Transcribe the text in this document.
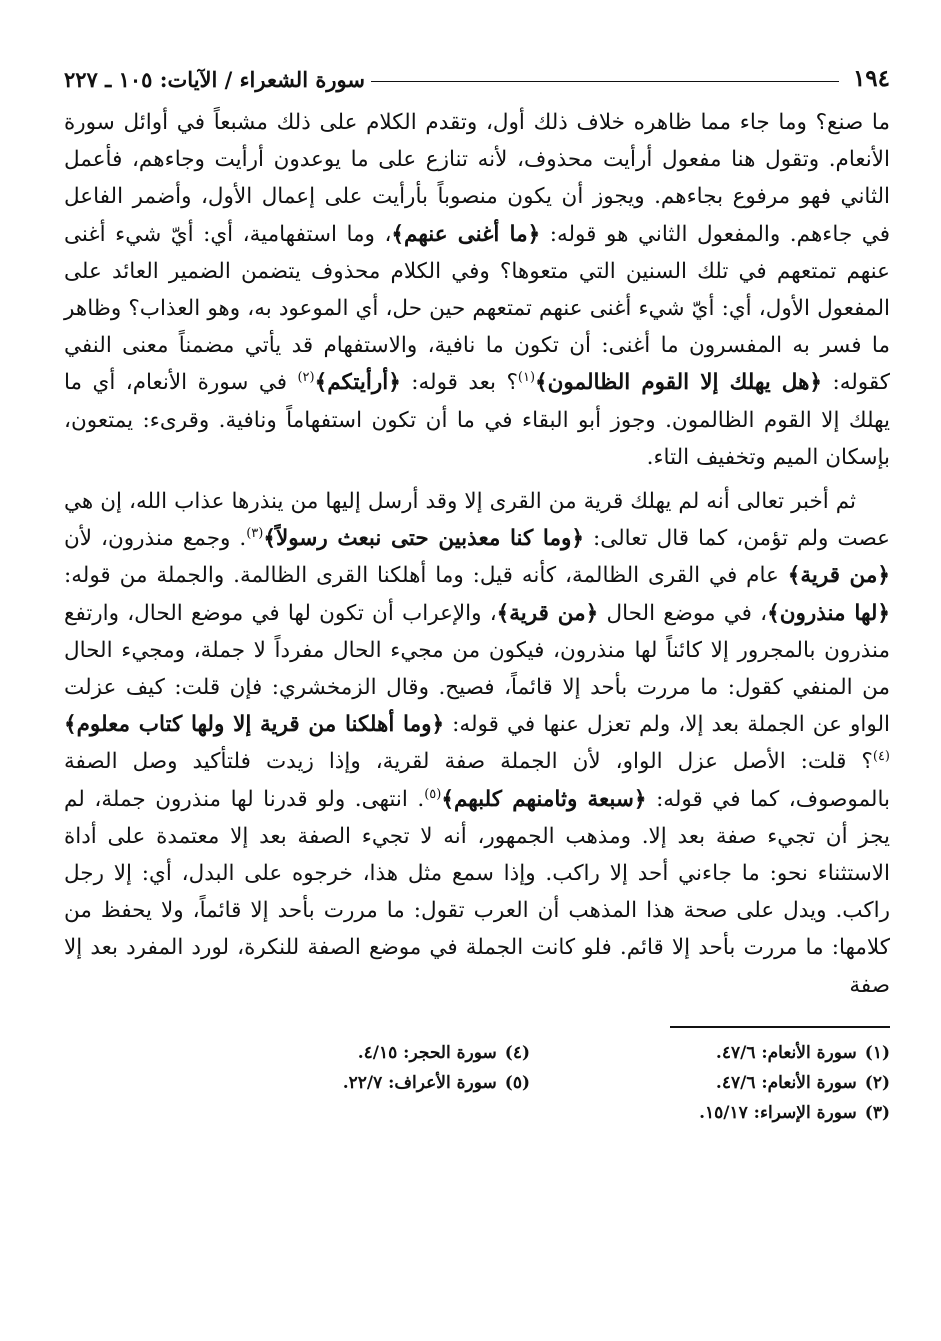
١٩٤
سورة الشعراء / الآيات: ١٠٥ ـ ٢٢٧

ما صنع؟ وما جاء مما ظاهره خلاف ذلك أول، وتقدم الكلام على ذلك مشبعاً في أوائل سورة الأنعام. وتقول هنا مفعول أرأيت محذوف، لأنه تنازع على ما يوعدون أرأيت وجاءهم، فأعمل الثاني فهو مرفوع بجاءهم. ويجوز أن يكون منصوباً بأرأيت على إعمال الأول، وأضمر الفاعل في جاءهم. والمفعول الثاني هو قوله: ﴿ما أغنى عنهم﴾، وما استفهامية، أي: أيّ شيء أغنى عنهم تمتعهم في تلك السنين التي متعوها؟ وفي الكلام محذوف يتضمن الضمير العائد على المفعول الأول، أي: أيّ شيء أغنى عنهم تمتعهم حين حل، أي الموعود به، وهو العذاب؟ وظاهر ما فسر به المفسرون ما أغنى: أن تكون ما نافية، والاستفهام قد يأتي مضمناً معنى النفي كقوله: ﴿هل يهلك إلا القوم الظالمون﴾$^{(١)}$؟ بعد قوله: ﴿أرأيتكم﴾$^{(٢)}$ في سورة الأنعام، أي ما يهلك إلا القوم الظالمون. وجوز أبو البقاء في ما أن تكون استفهاماً ونافية. وقرىء: يمتعون، بإسكان الميم وتخفيف التاء.

ثم أخبر تعالى أنه لم يهلك قرية من القرى إلا وقد أرسل إليها من ينذرها عذاب الله، إن هي عصت ولم تؤمن، كما قال تعالى: ﴿وما كنا معذبين حتى نبعث رسولاً﴾$^{(٣)}$. وجمع منذرون، لأن ﴿من قرية﴾ عام في القرى الظالمة، كأنه قيل: وما أهلكنا القرى الظالمة. والجملة من قوله: ﴿لها منذرون﴾، في موضع الحال ﴿من قرية﴾، والإعراب أن تكون لها في موضع الحال، وارتفع منذرون بالمجرور إلا كائناً لها منذرون، فيكون من مجيء الحال مفرداً لا جملة، ومجيء الحال من المنفي كقول: ما مررت بأحد إلا قائماً، فصيح. وقال الزمخشري: فإن قلت: كيف عزلت الواو عن الجملة بعد إلا، ولم تعزل عنها في قوله: ﴿وما أهلكنا من قرية إلا ولها كتاب معلوم﴾$^{(٤)}$؟ قلت: الأصل عزل الواو، لأن الجملة صفة لقرية، وإذا زيدت فلتأكيد وصل الصفة بالموصوف، كما في قوله: ﴿سبعة وثامنهم كلبهم﴾$^{(٥)}$. انتهى. ولو قدرنا لها منذرون جملة، لم يجز أن تجيء صفة بعد إلا. ومذهب الجمهور، أنه لا تجيء الصفة بعد إلا معتمدة على أداة الاستثناء نحو: ما جاءني أحد إلا راكب. وإذا سمع مثل هذا، خرجوه على البدل، أي: إلا رجل راكب. ويدل على صحة هذا المذهب أن العرب تقول: ما مررت بأحد إلا قائماً، ولا يحفظ من كلامها: ما مررت بأحد إلا قائم. فلو كانت الجملة في موضع الصفة للنكرة، لورد المفرد بعد إلا صفة

(١)سورة الأنعام: ٤٧/٦.
(٢)سورة الأنعام: ٤٧/٦.
(٣)سورة الإسراء: ١٥/١٧.
(٤)سورة الحجر: ٤/١٥.
(٥)سورة الأعراف: ٢٢/٧.
